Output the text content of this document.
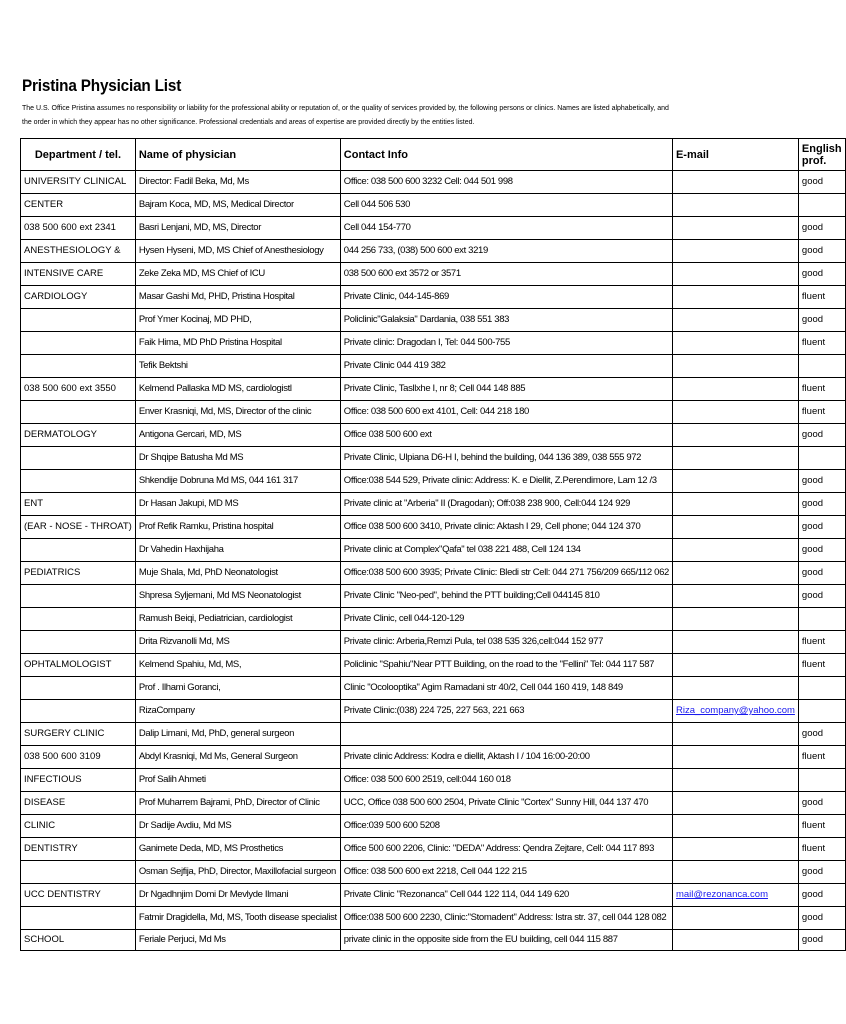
Pristina Physician List
The U.S. Office Pristina assumes no responsibility or liability for the professional ability or reputation of, or the quality of services provided by, the following persons or clinics. Names are listed alphabetically, and the order in which they appear has no other significance. Professional credentials and areas of expertise are provided directly by the entities listed.
Department / tel.	Name of physician	Contact Info	E-mail	English prof.
UNIVERSITY CLINICAL	Director: Fadil Beka, Md, Ms	Office: 038 500 600 3232 Cell: 044 501 998		good
CENTER	Bajram Koca, MD, MS, Medical Director	Cell 044 506 530		
038 500 600 ext 2341	Basri Lenjani, MD, MS, Director	Cell 044 154-770		good
ANESTHESIOLOGY &	Hysen Hyseni, MD, MS Chief of Anesthesiology	044 256 733, (038) 500 600 ext 3219		good
INTENSIVE CARE	Zeke Zeka MD, MS Chief of ICU	038 500 600 ext 3572 or 3571		good
CARDIOLOGY	Masar Gashi Md, PHD, Pristina Hospital	Private Clinic, 044-145-869		fluent
	Prof Ymer Kocinaj, MD PHD,	Policlinic"Galaksia" Dardania, 038 551 383		good
	Faik Hima, MD PhD Pristina Hospital	Private clinic: Dragodan I, Tel: 044 500-755		fluent
	Tefik Bektshi	Private Clinic 044 419 382		
038 500 600 ext 3550	Kelmend Pallaska MD MS, cardiologistl	Private Clinic, Tasllxhe I, nr 8; Cell 044 148 885		fluent
	Enver Krasniqi, Md, MS, Director of the clinic	Office: 038 500 600 ext 4101, Cell: 044 218 180		fluent
DERMATOLOGY	Antigona Gercari, MD, MS	Office 038 500 600 ext		good
	Dr Shqipe Batusha Md MS	Private Clinic, Ulpiana D6-H I, behind the building, 044 136 389, 038 555 972		
	Shkendije Dobruna Md MS, 044 161 317	Office:038 544 529, Private clinic: Address: K. e Diellit, Z.Perendimore, Lam 12 /3		good
ENT	Dr Hasan Jakupi, MD MS	Private clinic at "Arberia" II (Dragodan); Off:038 238 900, Cell:044 124 929		good
(EAR - NOSE - THROAT)	Prof Refik Ramku, Pristina hospital	Office 038 500 600 3410, Private clinic: Aktash I 29, Cell phone; 044 124 370		good
	Dr Vahedin Haxhijaha	Private clinic at Complex"Qafa" tel 038 221 488, Cell 124 134		good
PEDIATRICS	Muje Shala, Md, PhD Neonatologist	Office:038 500 600 3935; Private Clinic: Bledi str Cell: 044 271 756/209 665/112 062		good
	Shpresa Syljemani, Md MS Neonatologist	Private Clinic "Neo-ped", behind the PTT building;Cell 044145 810		good
	Ramush Beiqi, Pediatrician, cardiologist	Private Clinic, cell 044-120-129		
	Drita Rizvanolli Md, MS	Private clinic: Arberia,Remzi Pula, tel 038 535 326,cell:044 152 977		fluent
OPHTALMOLOGIST	Kelmend Spahiu, Md, MS,	Policlinic "Spahiu"Near PTT Building, on the road to the "Fellini" Tel: 044 117 587		fluent
	Prof . Ilhami Goranci,	Clinic "Ocolooptika" Agim Ramadani str 40/2, Cell 044 160 419, 148 849		
	RizaCompany	Private Clinic:(038) 224 725, 227 563, 221 663	Riza_company@yahoo.com	
SURGERY CLINIC	Dalip Limani, Md, PhD, general surgeon			good
038 500 600 3109	Abdyl Krasniqi, Md Ms, General Surgeon	Private clinic Address: Kodra e diellit, Aktash I / 104 16:00-20:00		fluent
INFECTIOUS	Prof Salih Ahmeti	Office: 038 500 600 2519, cell:044 160 018		
DISEASE	Prof Muharrem Bajrami, PhD, Director of Clinic	UCC, Office 038 500 600 2504, Private Clinic "Cortex" Sunny Hill, 044 137 470		good
CLINIC	Dr Sadije Avdiu, Md MS	Office:039 500 600 5208		fluent
DENTISTRY	Ganimete Deda, MD, MS Prosthetics	Office 500 600 2206, Clinic: "DEDA" Address: Qendra Zejtare, Cell: 044 117 893		fluent
	Osman Sejfija, PhD, Director, Maxillofacial surgeon	Office: 038 500 600 ext 2218, Cell 044 122 215		good
UCC DENTISTRY	Dr Ngadhnjim Domi Dr Mevlyde Ilmani	Private Clinic "Rezonanca" Cell 044 122 114, 044 149 620	mail@rezonanca.com	good
	Fatmir Dragidella, Md, MS, Tooth disease specialist	Office:038 500 600 2230, Clinic:"Stomadent" Address: Istra str. 37, cell 044 128 082		good
SCHOOL	Feriale Perjuci, Md Ms	private clinic in the opposite side from the EU building, cell 044 115 887		good
